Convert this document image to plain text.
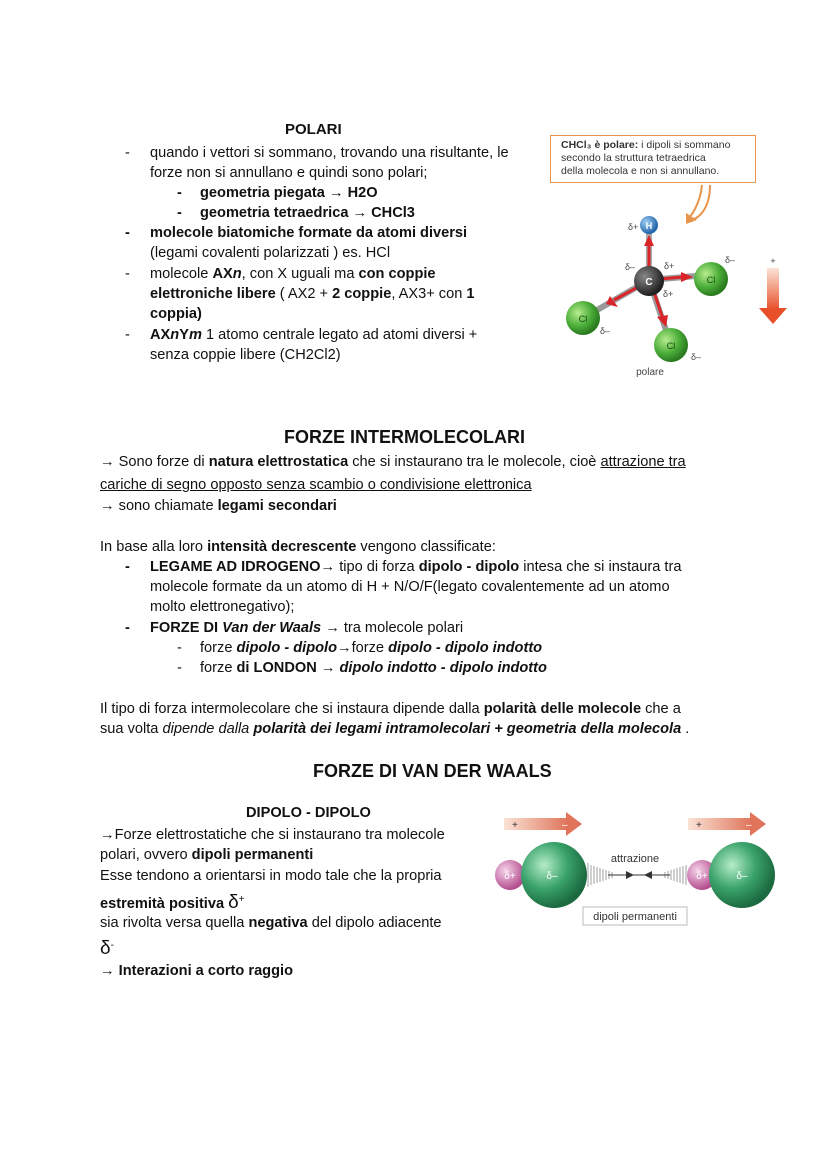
POLARI
-	quando i vettori si sommano, trovando una risultante, le
forze non si annullano e quindi sono polari;
-	geometria piegata → H2O
-	geometria tetraedrica → CHCl3
-	molecole biatomiche formate da atomi diversi
(legami covalenti polarizzati ) es. HCl
-	molecole AXn, con X uguali ma con coppie
elettroniche libere ( AX2 + 2 coppie, AX3+ con 1
coppia)
-	AXnYm 1 atomo centrale legato ad atomi diversi +
senza coppie libere (CH2Cl2)
CHCl₃ è polare: i dipoli si sommano
secondo la struttura tetraedrica
della molecola e non si annullano.
H
C
Cl
Cl
Cl
δ+
δ–	δ+
δ+
δ–
δ–
δ–
polare
+
FORZE INTERMOLECOLARI
→ Sono forze di natura elettrostatica che si instaurano tra le molecole, cioè attrazione tra
cariche di segno opposto senza scambio o condivisione elettronica
→ sono chiamate legami secondari
In base alla loro intensità decrescente vengono classificate:
-	LEGAME AD IDROGENO→ tipo di forza dipolo - dipolo intesa che si instaura tra
molecole formate da un atomo di H + N/O/F(legato covalentemente ad un atomo
molto elettronegativo);
-	FORZE DI Van der Waals → tra molecole polari
-	forze dipolo - dipolo→forze dipolo - dipolo indotto
-	forze di LONDON → dipolo indotto - dipolo indotto
Il tipo di forza intermolecolare che si instaura dipende dalla polarità delle molecole che a
sua volta dipende dalla polarità dei legami intramolecolari + geometria della molecola .
FORZE DI VAN DER WAALS
DIPOLO - DIPOLO
→Forze elettrostatiche che si instaurano tra molecole
polari, ovvero dipoli permanenti
Esse tendono a orientarsi in modo tale che la propria
estremità positiva δ+
sia rivolta versa quella negativa del dipolo adiacente
δ-
→ Interazioni a corto raggio
+	–	+	–
δ+	δ–	δ+	δ–
attrazione
dipoli permanenti
